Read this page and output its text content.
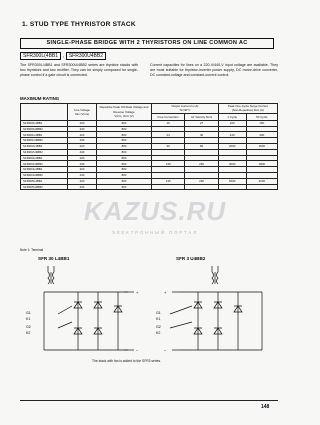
1. STUD TYPE THYRISTOR STACK
SINGLE-PHASE BRIDGE WITH 2 THYRISTORS ON LINE COMMON AC
SFR300L(4BB1 , SFR300U4BB2
The SFR300L/4BB1 and SFR300U/4BB2 series are thyristor stacks with two thyristors and two rectifier. They can be simply composed for single-phase control if a gate circuit is connected.
Current capacities for lines on a 220-V/440-V input voltage are available. They are most suitable for thyristor-inverter power supply, DC motor-drive converter, DC constant-voltage and constant-current control.
MAXIMUM RATING
	Line Voltage
Vac (Vrms)	Repetitive Peak Off-State Voltage and Reverse Voltage
Vdrm, Vrrm (V)	Output Current Io (A)
Tc=40°C		Peak One-Cycle Surge Current
(Non-Repetitive) Itsm (A)	
			Free Convection	Air Velocity 5m/s	1 Cycle	50 Cycle
SFR300L4BB1	220	800	16	27	220	150
SFR300U4BB2	440	800				
SFR301L4BB1	220	800	24	36	440	300
SFR301U4BB2	440	800				
SFR302L4BB1	220	800	30	82	2000	1500
SFR302U4BB2	440	800				
SFR303L4BB1	220	800				
SFR303U4BB2	440	800	135	260	3000	1800
SFR304L4BB1	220	800				
SFR304U4BB2	440	800				
SFR305L4BB1	220	800	135	290	5000	3100
SFR305U4BB2	440	800				
KAZUS.RU
ЭЛЕКТРОННЫЙ ПОРТАЛ
Note 1: Terminal
SFR 30 L4BB1
G1
K1
G2
K2
+
−
SFR 3 U4BB2
G1
K1
G2
K2
+
−
The stack with fan is added to the SFR3 series.
148
